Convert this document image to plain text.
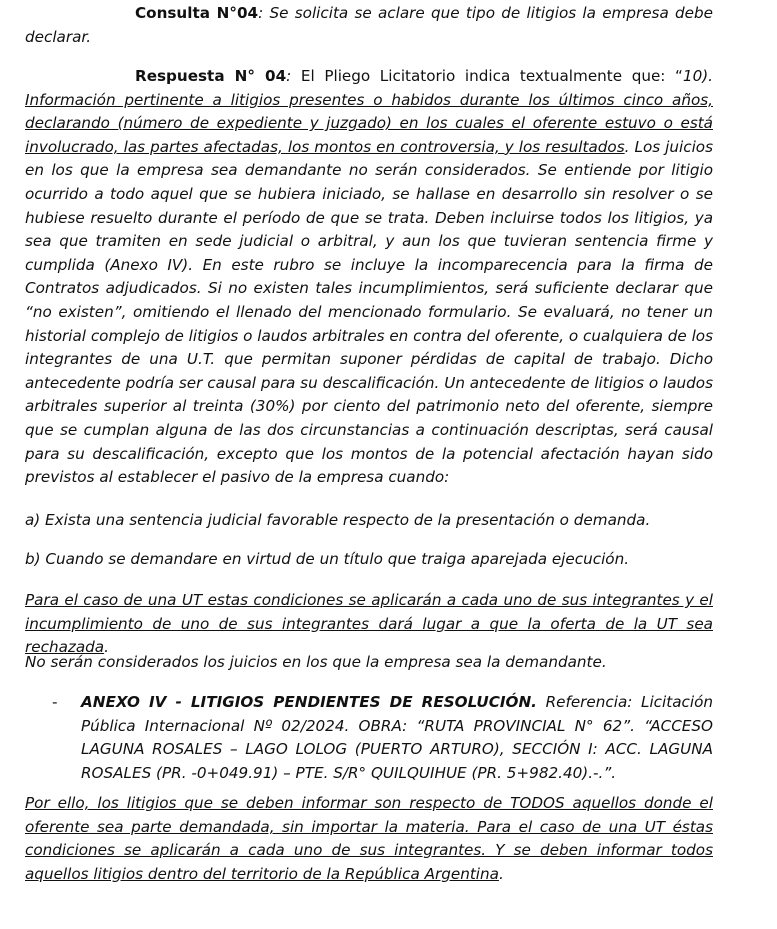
Consulta N°04: Se solicita se aclare que tipo de litigios la empresa debe declarar.

Respuesta N° 04: El Pliego Licitatorio indica textualmente que: “10). Información pertinente a litigios presentes o habidos durante los últimos cinco años, declarando (número de expediente y juzgado) en los cuales el oferente estuvo o está involucrado, las partes afectadas, los montos en controversia, y los resultados. Los juicios en los que la empresa sea demandante no serán considerados. Se entiende por litigio ocurrido a todo aquel que se hubiera iniciado, se hallase en desarrollo sin resolver o se hubiese resuelto durante el período de que se trata. Deben incluirse todos los litigios, ya sea que tramiten en sede judicial o arbitral, y aun los que tuvieran sentencia firme y cumplida (Anexo IV). En este rubro se incluye la incomparecencia para la firma de Contratos adjudicados. Si no existen tales incumplimientos, será suficiente declarar que “no existen”, omitiendo el llenado del mencionado formulario. Se evaluará, no tener un historial complejo de litigios o laudos arbitrales en contra del oferente, o cualquiera de los integrantes de una U.T. que permitan suponer pérdidas de capital de trabajo. Dicho antecedente podría ser causal para su descalificación. Un antecedente de litigios o laudos arbitrales superior al treinta (30%) por ciento del patrimonio neto del oferente, siempre que se cumplan alguna de las dos circunstancias a continuación descriptas, será causal para su descalificación, excepto que los montos de la potencial afectación hayan sido previstos al establecer el pasivo de la empresa cuando:

a) Exista una sentencia judicial favorable respecto de la presentación o demanda.

b) Cuando se demandare en virtud de un título que traiga aparejada ejecución.

Para el caso de una UT estas condiciones se aplicarán a cada uno de sus integrantes y el incumplimiento de uno de sus integrantes dará lugar a que la oferta de la UT sea rechazada.

No serán considerados los juicios en los que la empresa sea la demandante.

- ANEXO IV - LITIGIOS PENDIENTES DE RESOLUCIÓN. Referencia: Licitación Pública Internacional Nº 02/2024. OBRA: “RUTA PROVINCIAL N° 62”. “ACCESO LAGUNA ROSALES – LAGO LOLOG (PUERTO ARTURO), SECCIÓN I: ACC. LAGUNA ROSALES (PR. -0+049.91) – PTE. S/R° QUILQUIHUE (PR. 5+982.40).-.”.

Por ello, los litigios que se deben informar son respecto de TODOS aquellos donde el oferente sea parte demandada, sin importar la materia. Para el caso de una UT éstas condiciones se aplicarán a cada uno de sus integrantes. Y se deben informar todos aquellos litigios dentro del territorio de la República Argentina.
